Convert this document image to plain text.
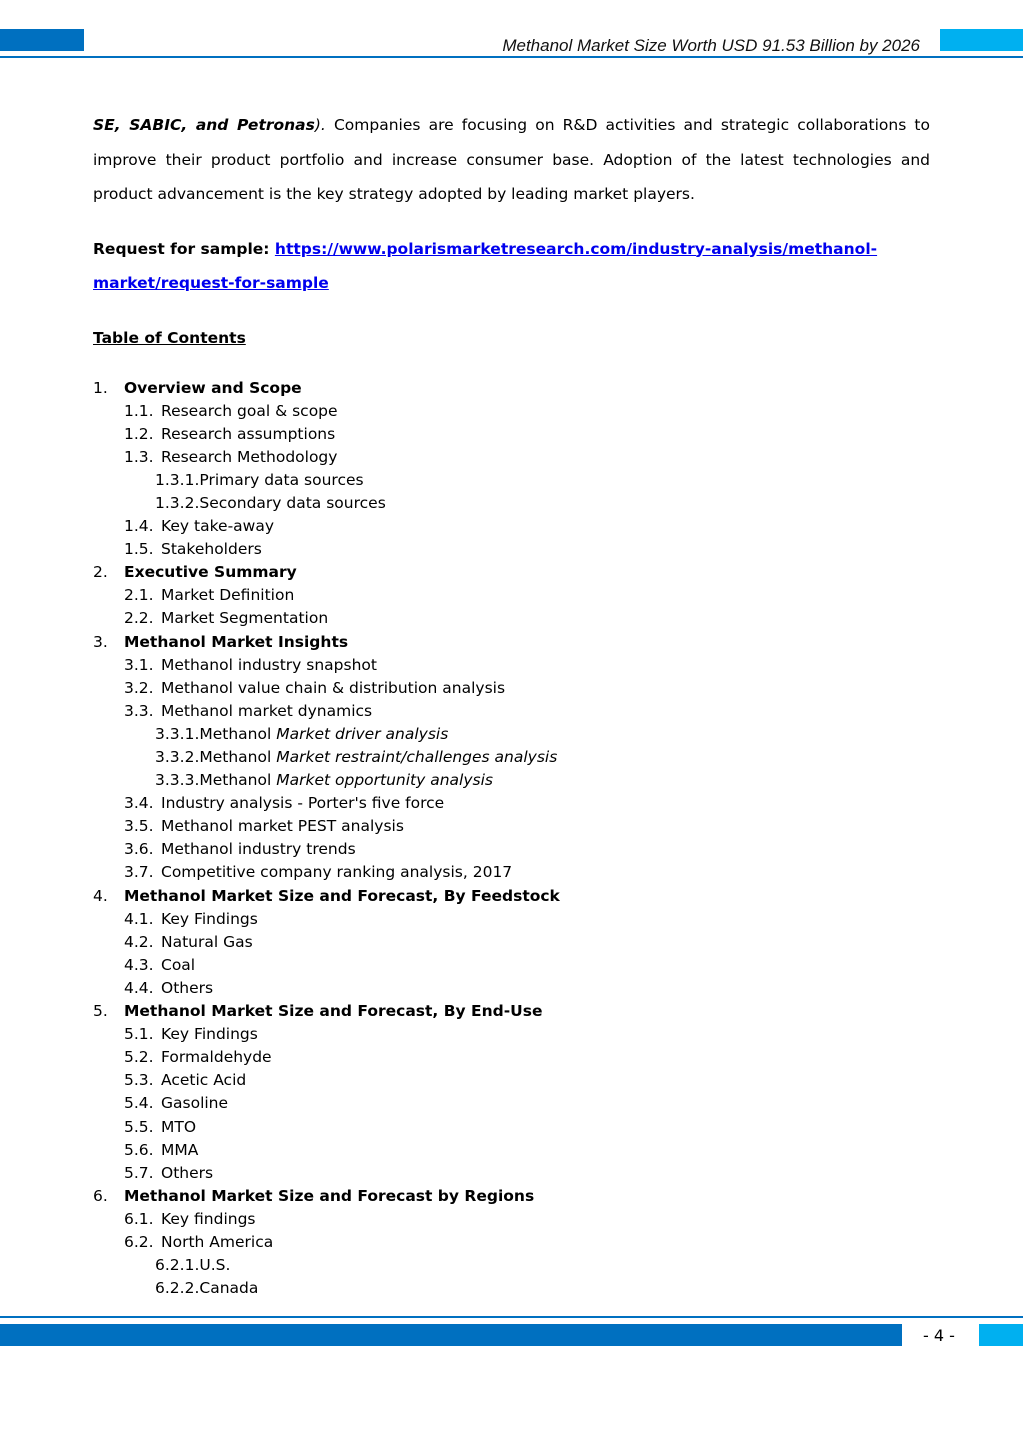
Methanol Market Size Worth USD 91.53 Billion by 2026

SE, SABIC, and Petronas). Companies are focusing on R&D activities and strategic collaborations to improve their product portfolio and increase consumer base. Adoption of the latest technologies and product advancement is the key strategy adopted by leading market players.

Request for sample: https://www.polarismarketresearch.com/industry-analysis/methanol-market/request-for-sample
Table of Contents
1. Overview and Scope
1.1. Research goal & scope
1.2. Research assumptions
1.3. Research Methodology
1.3.1.Primary data sources
1.3.2.Secondary data sources
1.4. Key take-away
1.5. Stakeholders
2. Executive Summary
2.1. Market Definition
2.2. Market Segmentation
3. Methanol Market Insights
3.1. Methanol industry snapshot
3.2. Methanol value chain & distribution analysis
3.3. Methanol market dynamics
3.3.1.Methanol Market driver analysis
3.3.2.Methanol Market restraint/challenges analysis
3.3.3.Methanol Market opportunity analysis
3.4. Industry analysis - Porter's five force
3.5. Methanol market PEST analysis
3.6. Methanol industry trends
3.7. Competitive company ranking analysis, 2017
4. Methanol Market Size and Forecast, By Feedstock
4.1. Key Findings
4.2. Natural Gas
4.3. Coal
4.4. Others
5. Methanol Market Size and Forecast, By End-Use
5.1. Key Findings
5.2. Formaldehyde
5.3. Acetic Acid
5.4. Gasoline
5.5. MTO
5.6. MMA
5.7. Others
6. Methanol Market Size and Forecast by Regions
6.1. Key findings
6.2. North America
6.2.1.U.S.
6.2.2.Canada
- 4 -
